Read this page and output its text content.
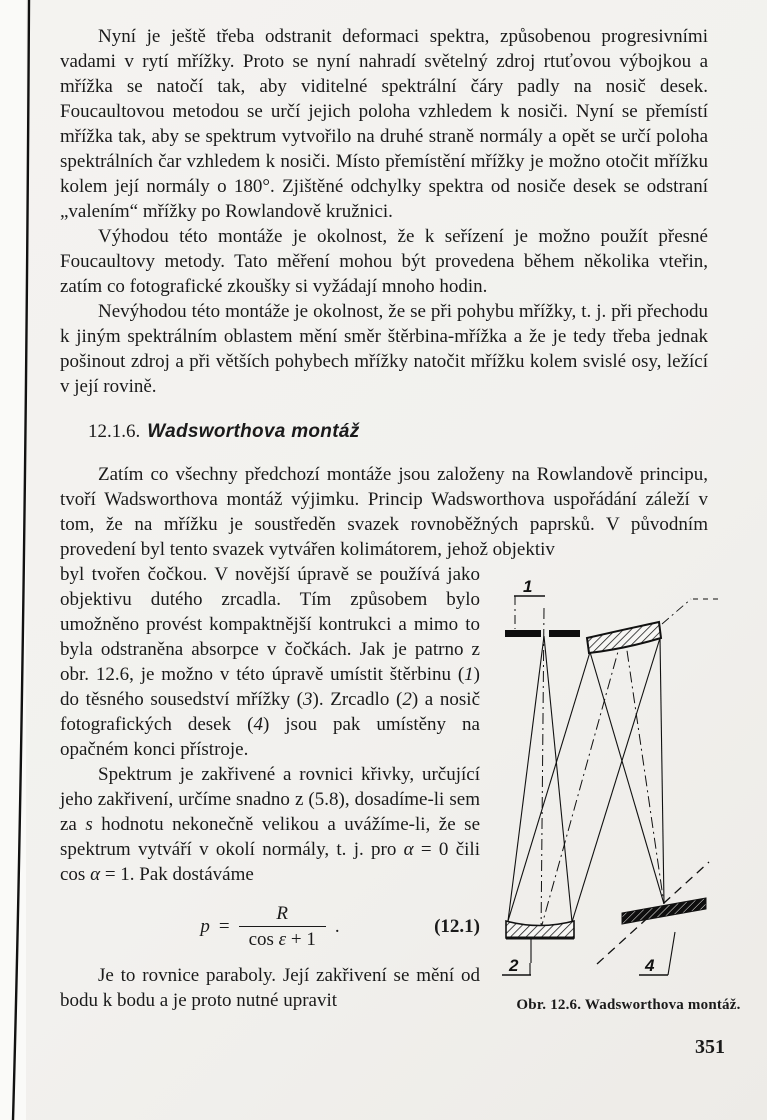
Nyní je ještě třeba odstranit deformaci spektra, způsobenou progresivními vadami v rytí mřížky. Proto se nyní nahradí světelný zdroj rtuťovou výbojkou a mřížka se natočí tak, aby viditelné spektrální čáry padly na nosič desek. Foucaultovou metodou se určí jejich poloha vzhledem k nosiči. Nyní se přemístí mřížka tak, aby se spektrum vytvořilo na druhé straně normály a opět se určí poloha spektrálních čar vzhledem k nosiči. Místo přemístění mřížky je možno otočit mřížku kolem její normály o 180°. Zjištěné odchylky spektra od nosiče desek se odstraní „valením“ mřížky po Rowlandově kružnici.

Výhodou této montáže je okolnost, že k seřízení je možno použít přesné Foucaultovy metody. Tato měření mohou být provedena během několika vteřin, zatím co fotografické zkoušky si vyžádají mnoho hodin.

Nevýhodou této montáže je okolnost, že se při pohybu mřížky, t. j. při přechodu k jiným spektrálním oblastem mění směr štěrbina-mřížka a že je tedy třeba jednak pošinout zdroj a při větších pohybech mřížky natočit mřížku kolem svislé osy, ležící v její rovině.

12.1.6. Wadsworthova montáž

Zatím co všechny předchozí montáže jsou založeny na Rowlandově principu, tvoří Wadsworthova montáž výjimku. Princip Wadsworthova uspořádání záleží v tom, že na mřížku je soustředěn svazek rovnoběžných paprsků. V původním provedení byl tento svazek vytvářen kolimátorem, jehož objektiv

byl tvořen čočkou. V novější úpravě se používá jako objektivu dutého zrcadla. Tím způsobem bylo umožněno provést kompaktnější kontrukci a mimo to byla odstraněna absorpce v čočkách. Jak je patrno z obr. 12.6, je možno v této úpravě umístit štěrbinu (1) do těsného sousedství mřížky (3). Zrcadlo (2) a nosič fotografických desek (4) jsou pak umístěny na opačném konci přístroje.

Spektrum je zakřivené a rovnici křivky, určující jeho zakřivení, určíme snadno z (5.8), dosadíme-li sem za s hodnotu nekonečně velikou a uvážíme-li, že se spektrum vytváří v okolí normály, t. j. pro α = 0 čili cos α = 1. Pak dostáváme

$p = \frac{R}{\text{cos ε + 1}}$ .	(12.1)

Je to rovnice paraboly. Její zakřivení se mění od bodu k bodu a je proto nutné upravit

1
2	4
Obr. 12.6. Wadsworthova montáž.
351
